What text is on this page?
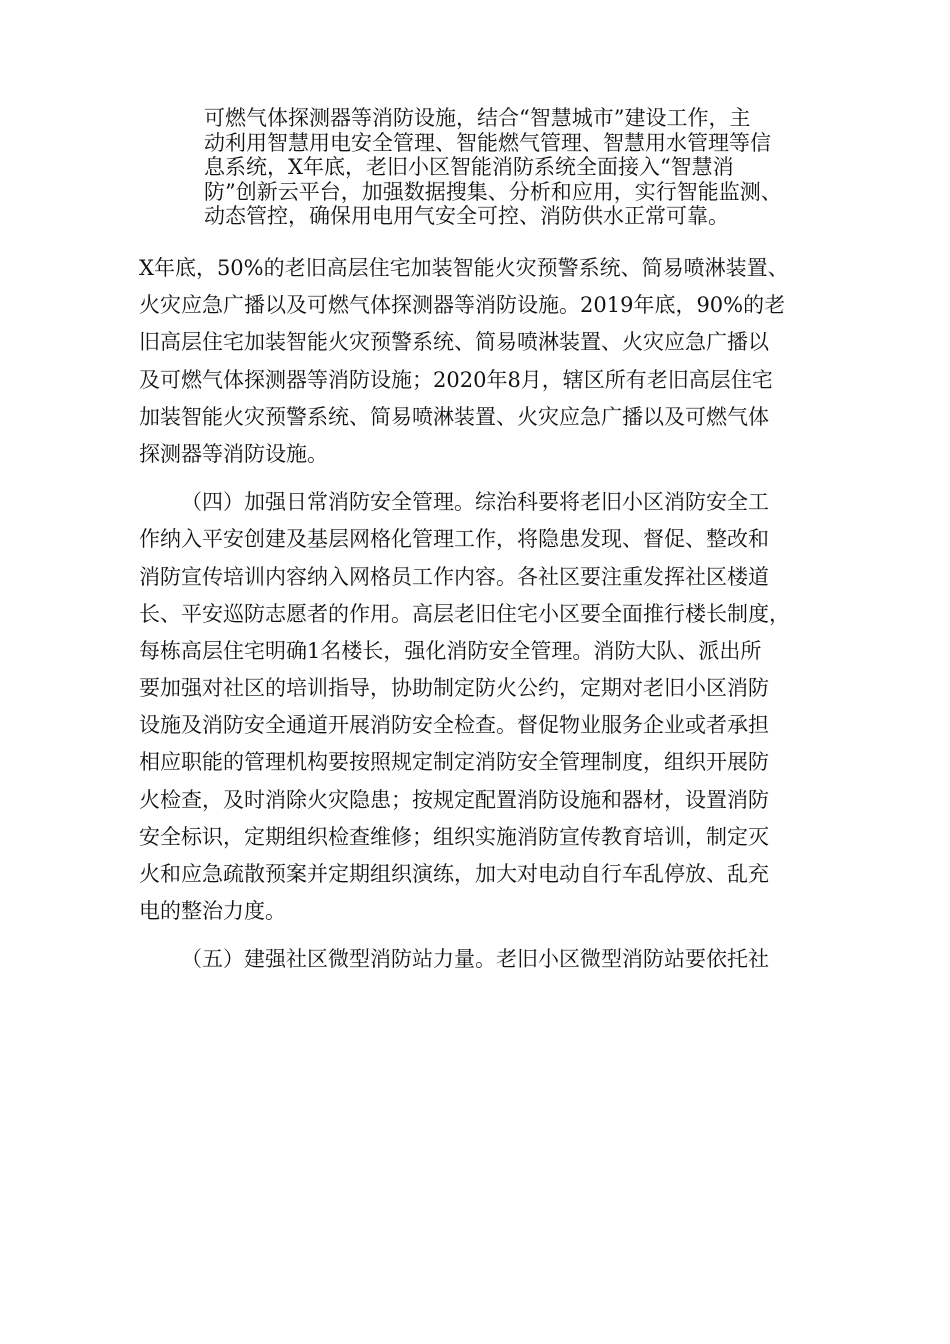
可燃气体探测器等消防设施，结合“智慧城市”建设工作，主
动利用智慧用电安全管理、智能燃气管理、智慧用水管理等信
息系统，X年底，老旧小区智能消防系统全面接入“智慧消
防”创新云平台，加强数据搜集、分析和应用，实行智能监测、
动态管控，确保用电用气安全可控、消防供水正常可靠。
X年底，50%的老旧高层住宅加装智能火灾预警系统、简易喷淋装置、
火灾应急广播以及可燃气体探测器等消防设施。2019年底，90%的老
旧高层住宅加装智能火灾预警系统、简易喷淋装置、火灾应急广播以
及可燃气体探测器等消防设施；2020年8月，辖区所有老旧高层住宅
加装智能火灾预警系统、简易喷淋装置、火灾应急广播以及可燃气体
探测器等消防设施。
（四）加强日常消防安全管理。综治科要将老旧小区消防安全工
作纳入平安创建及基层网格化管理工作，将隐患发现、督促、整改和
消防宣传培训内容纳入网格员工作内容。各社区要注重发挥社区楼道
长、平安巡防志愿者的作用。高层老旧住宅小区要全面推行楼长制度，
每栋高层住宅明确1名楼长，强化消防安全管理。消防大队、派出所
要加强对社区的培训指导，协助制定防火公约，定期对老旧小区消防
设施及消防安全通道开展消防安全检查。督促物业服务企业或者承担
相应职能的管理机构要按照规定制定消防安全管理制度，组织开展防
火检查，及时消除火灾隐患；按规定配置消防设施和器材，设置消防
安全标识，定期组织检查维修；组织实施消防宣传教育培训，制定灭
火和应急疏散预案并定期组织演练，加大对电动自行车乱停放、乱充
电的整治力度。
（五）建强社区微型消防站力量。老旧小区微型消防站要依托社
